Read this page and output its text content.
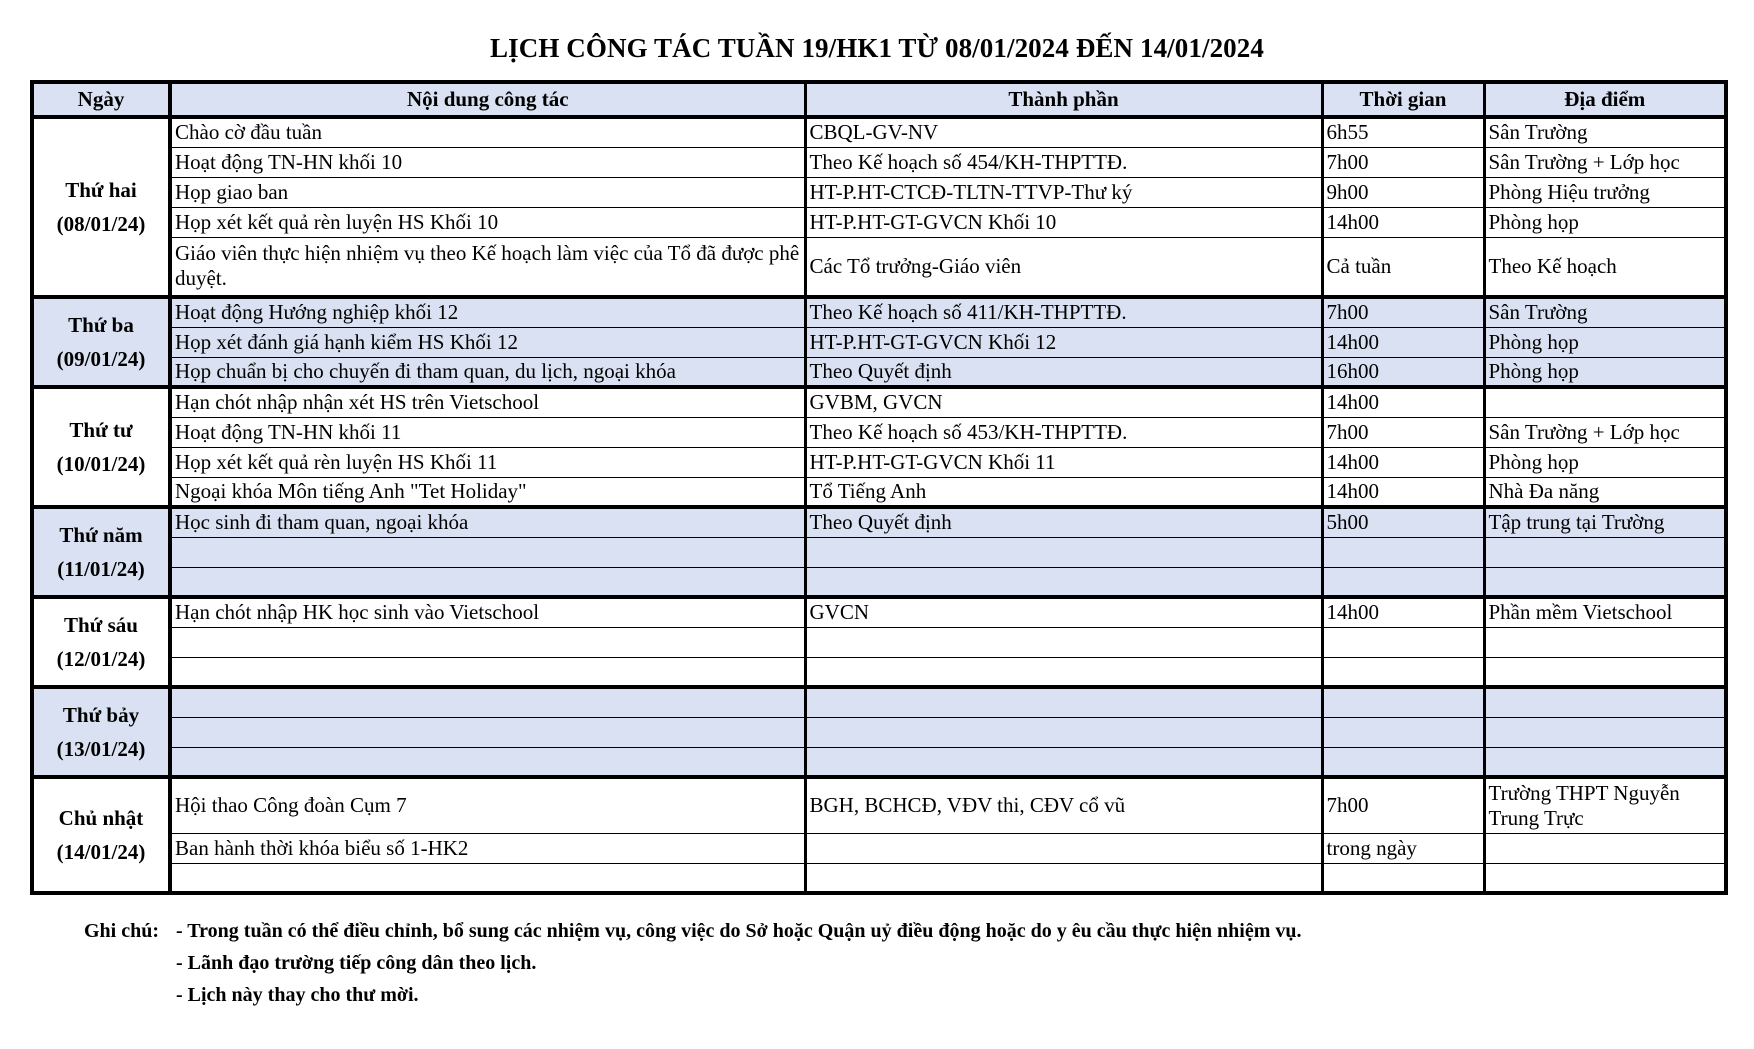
LỊCH CÔNG TÁC TUẦN 19/HK1 TỪ 08/01/2024 ĐẾN 14/01/2024
Ngày	Nội dung công tác	Thành phần	Thời gian	Địa điểm

Thứ hai
(08/01/24)	Chào cờ đầu tuần	CBQL-GV-NV	6h55	Sân Trường
	Hoạt động TN-HN khối 10	Theo Kế hoạch số 454/KH-THPTTĐ.	7h00	Sân Trường + Lớp học
	Họp giao ban	HT-P.HT-CTCĐ-TLTN-TTVP-Thư ký	9h00	Phòng Hiệu trưởng
	Họp xét kết quả rèn luyện HS Khối 10	HT-P.HT-GT-GVCN Khối 10	14h00	Phòng họp
	Giáo viên thực hiện nhiệm vụ theo Kế hoạch làm việc của Tổ đã được phê duyệt.	Các Tổ trưởng-Giáo viên	Cả tuần	Theo Kế hoạch

Thứ ba
(09/01/24)	Hoạt động Hướng nghiệp khối 12	Theo Kế hoạch số 411/KH-THPTTĐ.	7h00	Sân Trường
	Họp xét đánh giá hạnh kiểm HS Khối 12	HT-P.HT-GT-GVCN Khối 12	14h00	Phòng họp
	Họp chuẩn bị cho chuyến đi tham quan, du lịch, ngoại khóa	Theo Quyết định	16h00	Phòng họp

Thứ tư
(10/01/24)	Hạn chót nhập nhận xét HS trên Vietschool	GVBM, GVCN	14h00	
	Hoạt động TN-HN khối 11	Theo Kế hoạch số 453/KH-THPTTĐ.	7h00	Sân Trường + Lớp học
	Họp xét kết quả rèn luyện HS Khối 11	HT-P.HT-GT-GVCN Khối 11	14h00	Phòng họp
	Ngoại khóa Môn tiếng Anh "Tet Holiday"	Tổ Tiếng Anh	14h00	Nhà Đa năng

Thứ năm
(11/01/24)	Học sinh đi tham quan, ngoại khóa	Theo Quyết định	5h00	Tập trung tại Trường

Thứ sáu
(12/01/24)	Hạn chót nhập HK học sinh vào Vietschool	GVCN	14h00	Phần mềm Vietschool

Thứ bảy
(13/01/24)				

Chủ nhật
(14/01/24)	Hội thao Công đoàn Cụm 7	BGH, BCHCĐ, VĐV thi, CĐV cổ vũ	7h00	Trường THPT Nguyễn Trung Trực
	Ban hành thời khóa biểu số 1-HK2		trong ngày	

Ghi chú: - Trong tuần có thể điều chỉnh, bổ sung các nhiệm vụ, công việc do Sở hoặc Quận uỷ điều động hoặc do y êu cầu thực hiện nhiệm vụ.
- Lãnh đạo trường tiếp công dân theo lịch.
- Lịch này thay cho thư mời.
